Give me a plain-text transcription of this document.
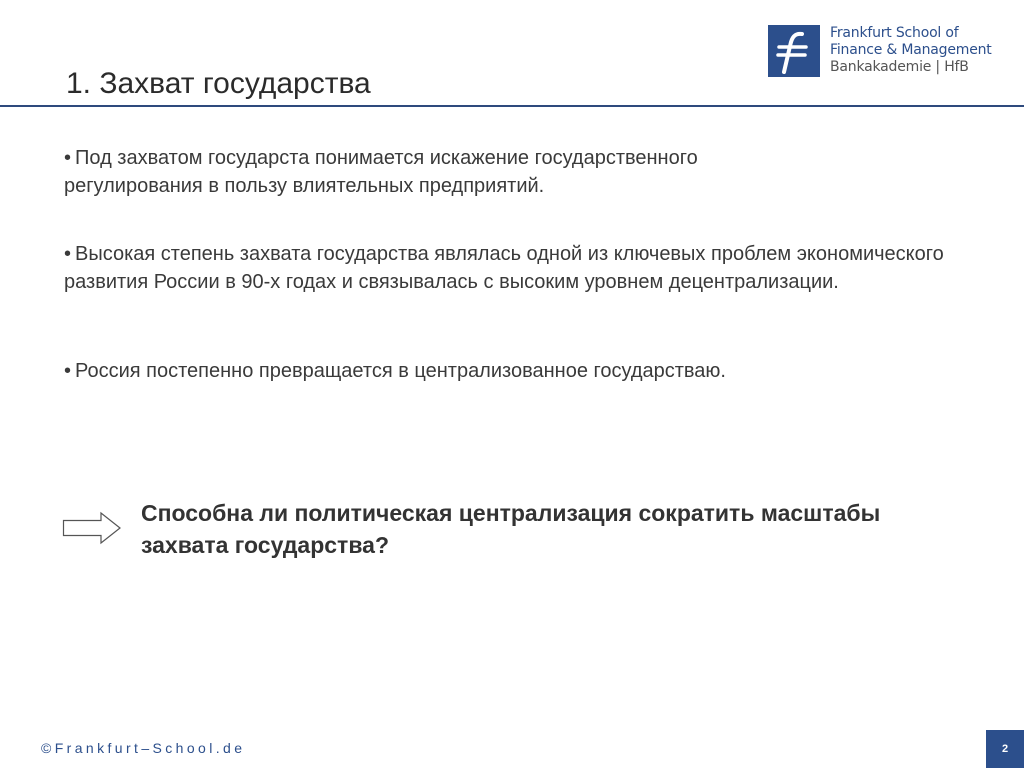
1. Захват государства
Frankfurt School of
Finance & Management
Bankakademie | HfB
• Под захватом государста понимается искажение государственного регулирования в пользу влиятельных предприятий.
• Высокая степень захвата государства являлась одной из ключевых проблем экономического развития России в 90-х годах и связывалась с высоким уровнем децентрализации.
• Россия постепенно превращается в централизованное государстваю.

Способна ли политическая централизация сократить масштабы захвата государства?

©Frankfurt–School.de	2
